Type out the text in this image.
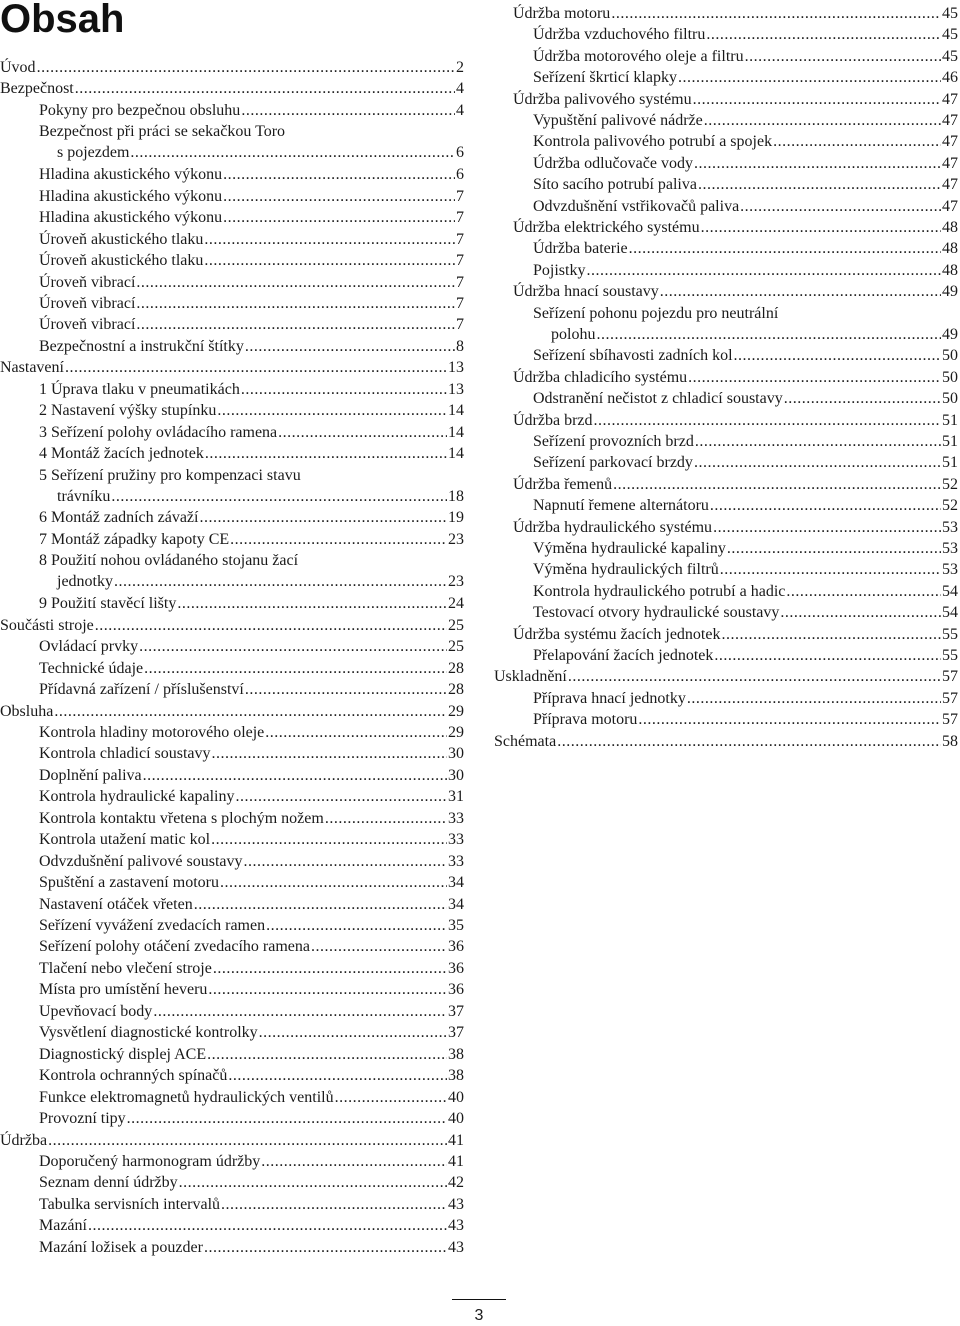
Obsah
Úvod .....	2
Bezpečnost .....	4
Pokyny pro bezpečnou obsluhu .....	4
Bezpečnost při práci se sekačkou Toro
s pojezdem .....	6
Hladina akustického výkonu .....	6
Hladina akustického výkonu .....	7
Hladina akustického výkonu .....	7
Úroveň akustického tlaku .....	7
Úroveň akustického tlaku .....	7
Úroveň vibrací .....	7
Úroveň vibrací .....	7
Úroveň vibrací .....	7
Bezpečnostní a instrukční štítky .....	8
Nastavení .....	13
1 Úprava tlaku v pneumatikách .....	13
2 Nastavení výšky stupínku .....	14
3 Seřízení polohy ovládacího ramena .....	14
4 Montáž žacích jednotek .....	14
5 Seřízení pružiny pro kompenzaci stavu
trávníku .....	18
6 Montáž zadních závaží .....	19
7 Montáž západky kapoty CE .....	23
8 Použití nohou ovládaného stojanu žací
jednotky .....	23
9 Použití stavěcí lišty .....	24
Součásti stroje .....	25
Ovládací prvky .....	25
Technické údaje .....	28
Přídavná zařízení / příslušenství .....	28
Obsluha .....	29
Kontrola hladiny motorového oleje .....	29
Kontrola chladicí soustavy .....	30
Doplnění paliva .....	30
Kontrola hydraulické kapaliny .....	31
Kontrola kontaktu vřetena s plochým nožem .....	33
Kontrola utažení matic kol .....	33
Odvzdušnění palivové soustavy .....	33
Spuštění a zastavení motoru .....	34
Nastavení otáček vřeten .....	34
Seřízení vyvážení zvedacích ramen .....	35
Seřízení polohy otáčení zvedacího ramena .....	36
Tlačení nebo vlečení stroje .....	36
Místa pro umístění heveru .....	36
Upevňovací body .....	37
Vysvětlení diagnostické kontrolky .....	37
Diagnostický displej ACE .....	38
Kontrola ochranných spínačů .....	38
Funkce elektromagnetů hydraulických ventilů .....	40
Provozní tipy .....	40
Údržba .....	41
Doporučený harmonogram údržby .....	41
Seznam denní údržby .....	42
Tabulka servisních intervalů .....	43
Mazání .....	43
Mazání ložisek a pouzder .....	43
Údržba motoru .....	45
Údržba vzduchového filtru .....	45
Údržba motorového oleje a filtru .....	45
Seřízení škrticí klapky .....	46
Údržba palivového systému .....	47
Vypuštění palivové nádrže .....	47
Kontrola palivového potrubí a spojek .....	47
Údržba odlučovače vody .....	47
Síto sacího potrubí paliva .....	47
Odvzdušnění vstřikovačů paliva .....	47
Údržba elektrického systému .....	48
Údržba baterie .....	48
Pojistky .....	48
Údržba hnací soustavy .....	49
Seřízení pohonu pojezdu pro neutrální
polohu .....	49
Seřízení sbíhavosti zadních kol .....	50
Údržba chladicího systému .....	50
Odstranění nečistot z chladicí soustavy .....	50
Údržba brzd .....	51
Seřízení provozních brzd .....	51
Seřízení parkovací brzdy .....	51
Údržba řemenů .....	52
Napnutí řemene alternátoru .....	52
Údržba hydraulického systému .....	53
Výměna hydraulické kapaliny .....	53
Výměna hydraulických filtrů .....	53
Kontrola hydraulického potrubí a hadic .....	54
Testovací otvory hydraulické soustavy .....	54
Údržba systému žacích jednotek .....	55
Přelapování žacích jednotek .....	55
Uskladnění .....	57
Příprava hnací jednotky .....	57
Příprava motoru .....	57
Schémata .....	58
3
